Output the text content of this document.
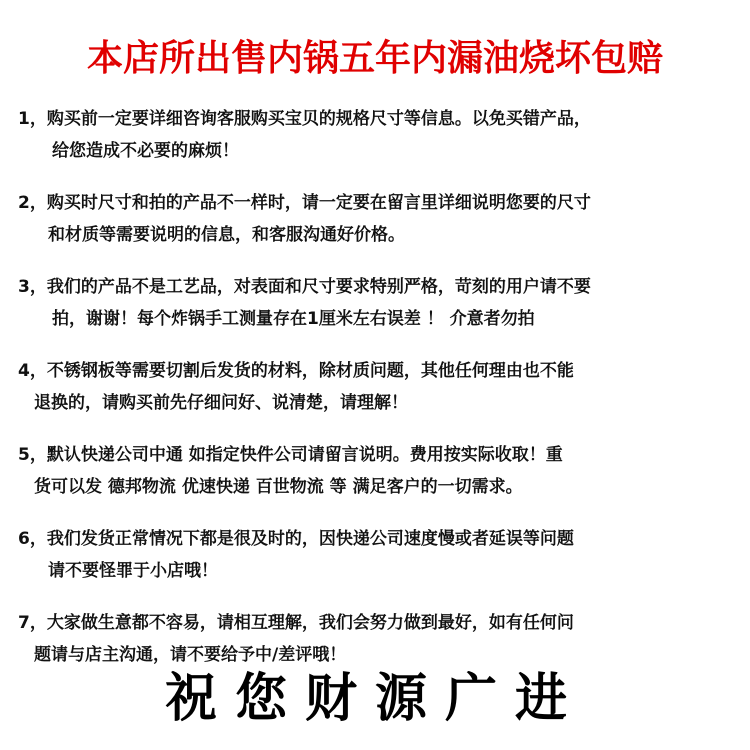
本店所出售内锅五年内漏油烧坏包赔
1，购买前一定要详细咨询客服购买宝贝的规格尺寸等信息。以免买错产品，
给您造成不必要的麻烦！
2，购买时尺寸和拍的产品不一样时，请一定要在留言里详细说明您要的尺寸
和材质等需要说明的信息，和客服沟通好价格。
3，我们的产品不是工艺品，对表面和尺寸要求特别严格，苛刻的用户请不要
拍，谢谢！每个炸锅手工测量存在1厘米左右误差 ！ 介意者勿拍
4，不锈钢板等需要切割后发货的材料，除材质问题，其他任何理由也不能
退换的，请购买前先仔细问好、说清楚，请理解！
5，默认快递公司中通 如指定快件公司请留言说明。费用按实际收取！重
货可以发 德邦物流 优速快递 百世物流 等 满足客户的一切需求。
6，我们发货正常情况下都是很及时的，因快递公司速度慢或者延误等问题
请不要怪罪于小店哦！
7，大家做生意都不容易，请相互理解，我们会努力做到最好，如有任何问
题请与店主沟通，请不要给予中/差评哦！
祝您财源广进
